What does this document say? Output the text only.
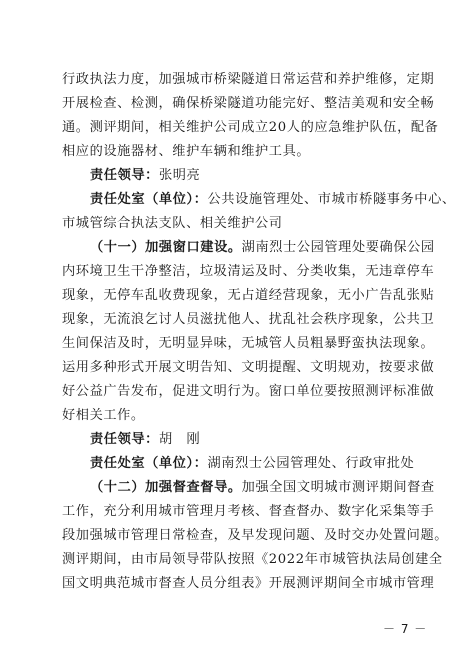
行政执法力度，加强城市桥梁隧道日常运营和养护维修，定期
开展检查、检测，确保桥梁隧道功能完好、整洁美观和安全畅
通。测评期间，相关维护公司成立20人的应急维护队伍，配备
相应的设施器材、维护车辆和维护工具。
责任领导：张明亮
责任处室（单位）：公共设施管理处、市城市桥隧事务中心、
市城管综合执法支队、相关维护公司
（十一）加强窗口建设。湖南烈士公园管理处要确保公园
内环境卫生干净整洁，垃圾清运及时、分类收集，无违章停车
现象，无停车乱收费现象，无占道经营现象，无小广告乱张贴
现象，无流浪乞讨人员滋扰他人、扰乱社会秩序现象，公共卫
生间保洁及时，无明显异味，无城管人员粗暴野蛮执法现象。
运用多种形式开展文明告知、文明提醒、文明规劝，按要求做
好公益广告发布，促进文明行为。窗口单位要按照测评标准做
好相关工作。
责任领导：胡　刚
责任处室（单位）：湖南烈士公园管理处、行政审批处
（十二）加强督查督导。加强全国文明城市测评期间督查
工作，充分利用城市管理月考核、督查督办、数字化采集等手
段加强城市管理日常检查，及早发现问题、及时交办处置问题。
测评期间，由市局领导带队按照《2022年市城管执法局创建全
国文明典范城市督查人员分组表》开展测评期间全市城市管理
－ 7 －
